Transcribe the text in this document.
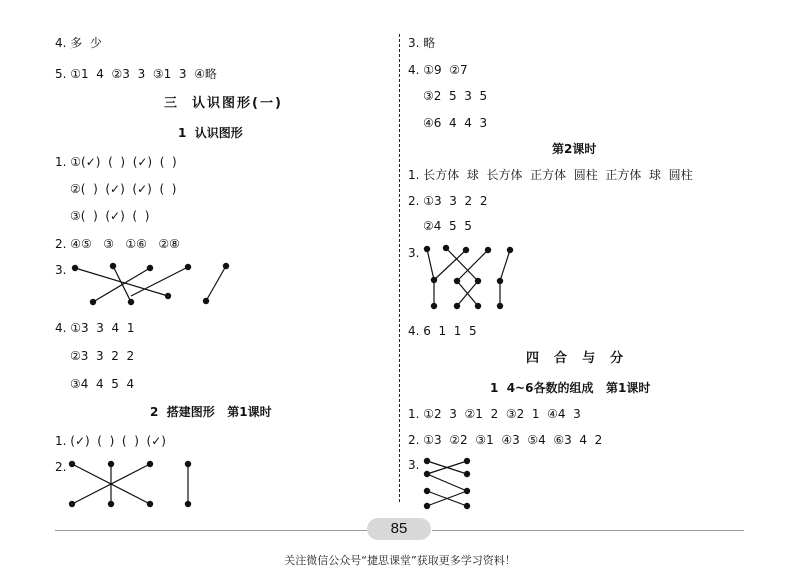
4. 多  少
5. ①1  4  ②3  3  ③1  3  ④略
三  认识图形(一)
1  认识图形
1. ①(✓)  (  )  (✓)  (  )
②(  )  (✓)  (✓)  (  )
③(  )  (✓)  (  )
2. ④⑤   ③   ①⑥   ②⑧
3.
4. ①3  3  4  1
②3  3  2  2
③4  4  5  4
2  搭建图形   第1课时
1. (✓)  (  )  (  )  (✓)
2.
3. 略
4. ①9  ②7
③2  5  3  5
④6  4  4  3
第2课时
1. 长方体  球  长方体  正方体  圆柱  正方体  球  圆柱
2. ①3  3  2  2
②4  5  5
3.
4. 6  1  1  5
四  合  与  分
1  4~6各数的组成   第1课时
1. ①2  3  ②1  2  ③2  1  ④4  3
2. ①3  ②2  ③1  ④3  ⑤4  ⑥3  4  2
3.
85
关注微信公众号“捷思课堂”获取更多学习资料！
